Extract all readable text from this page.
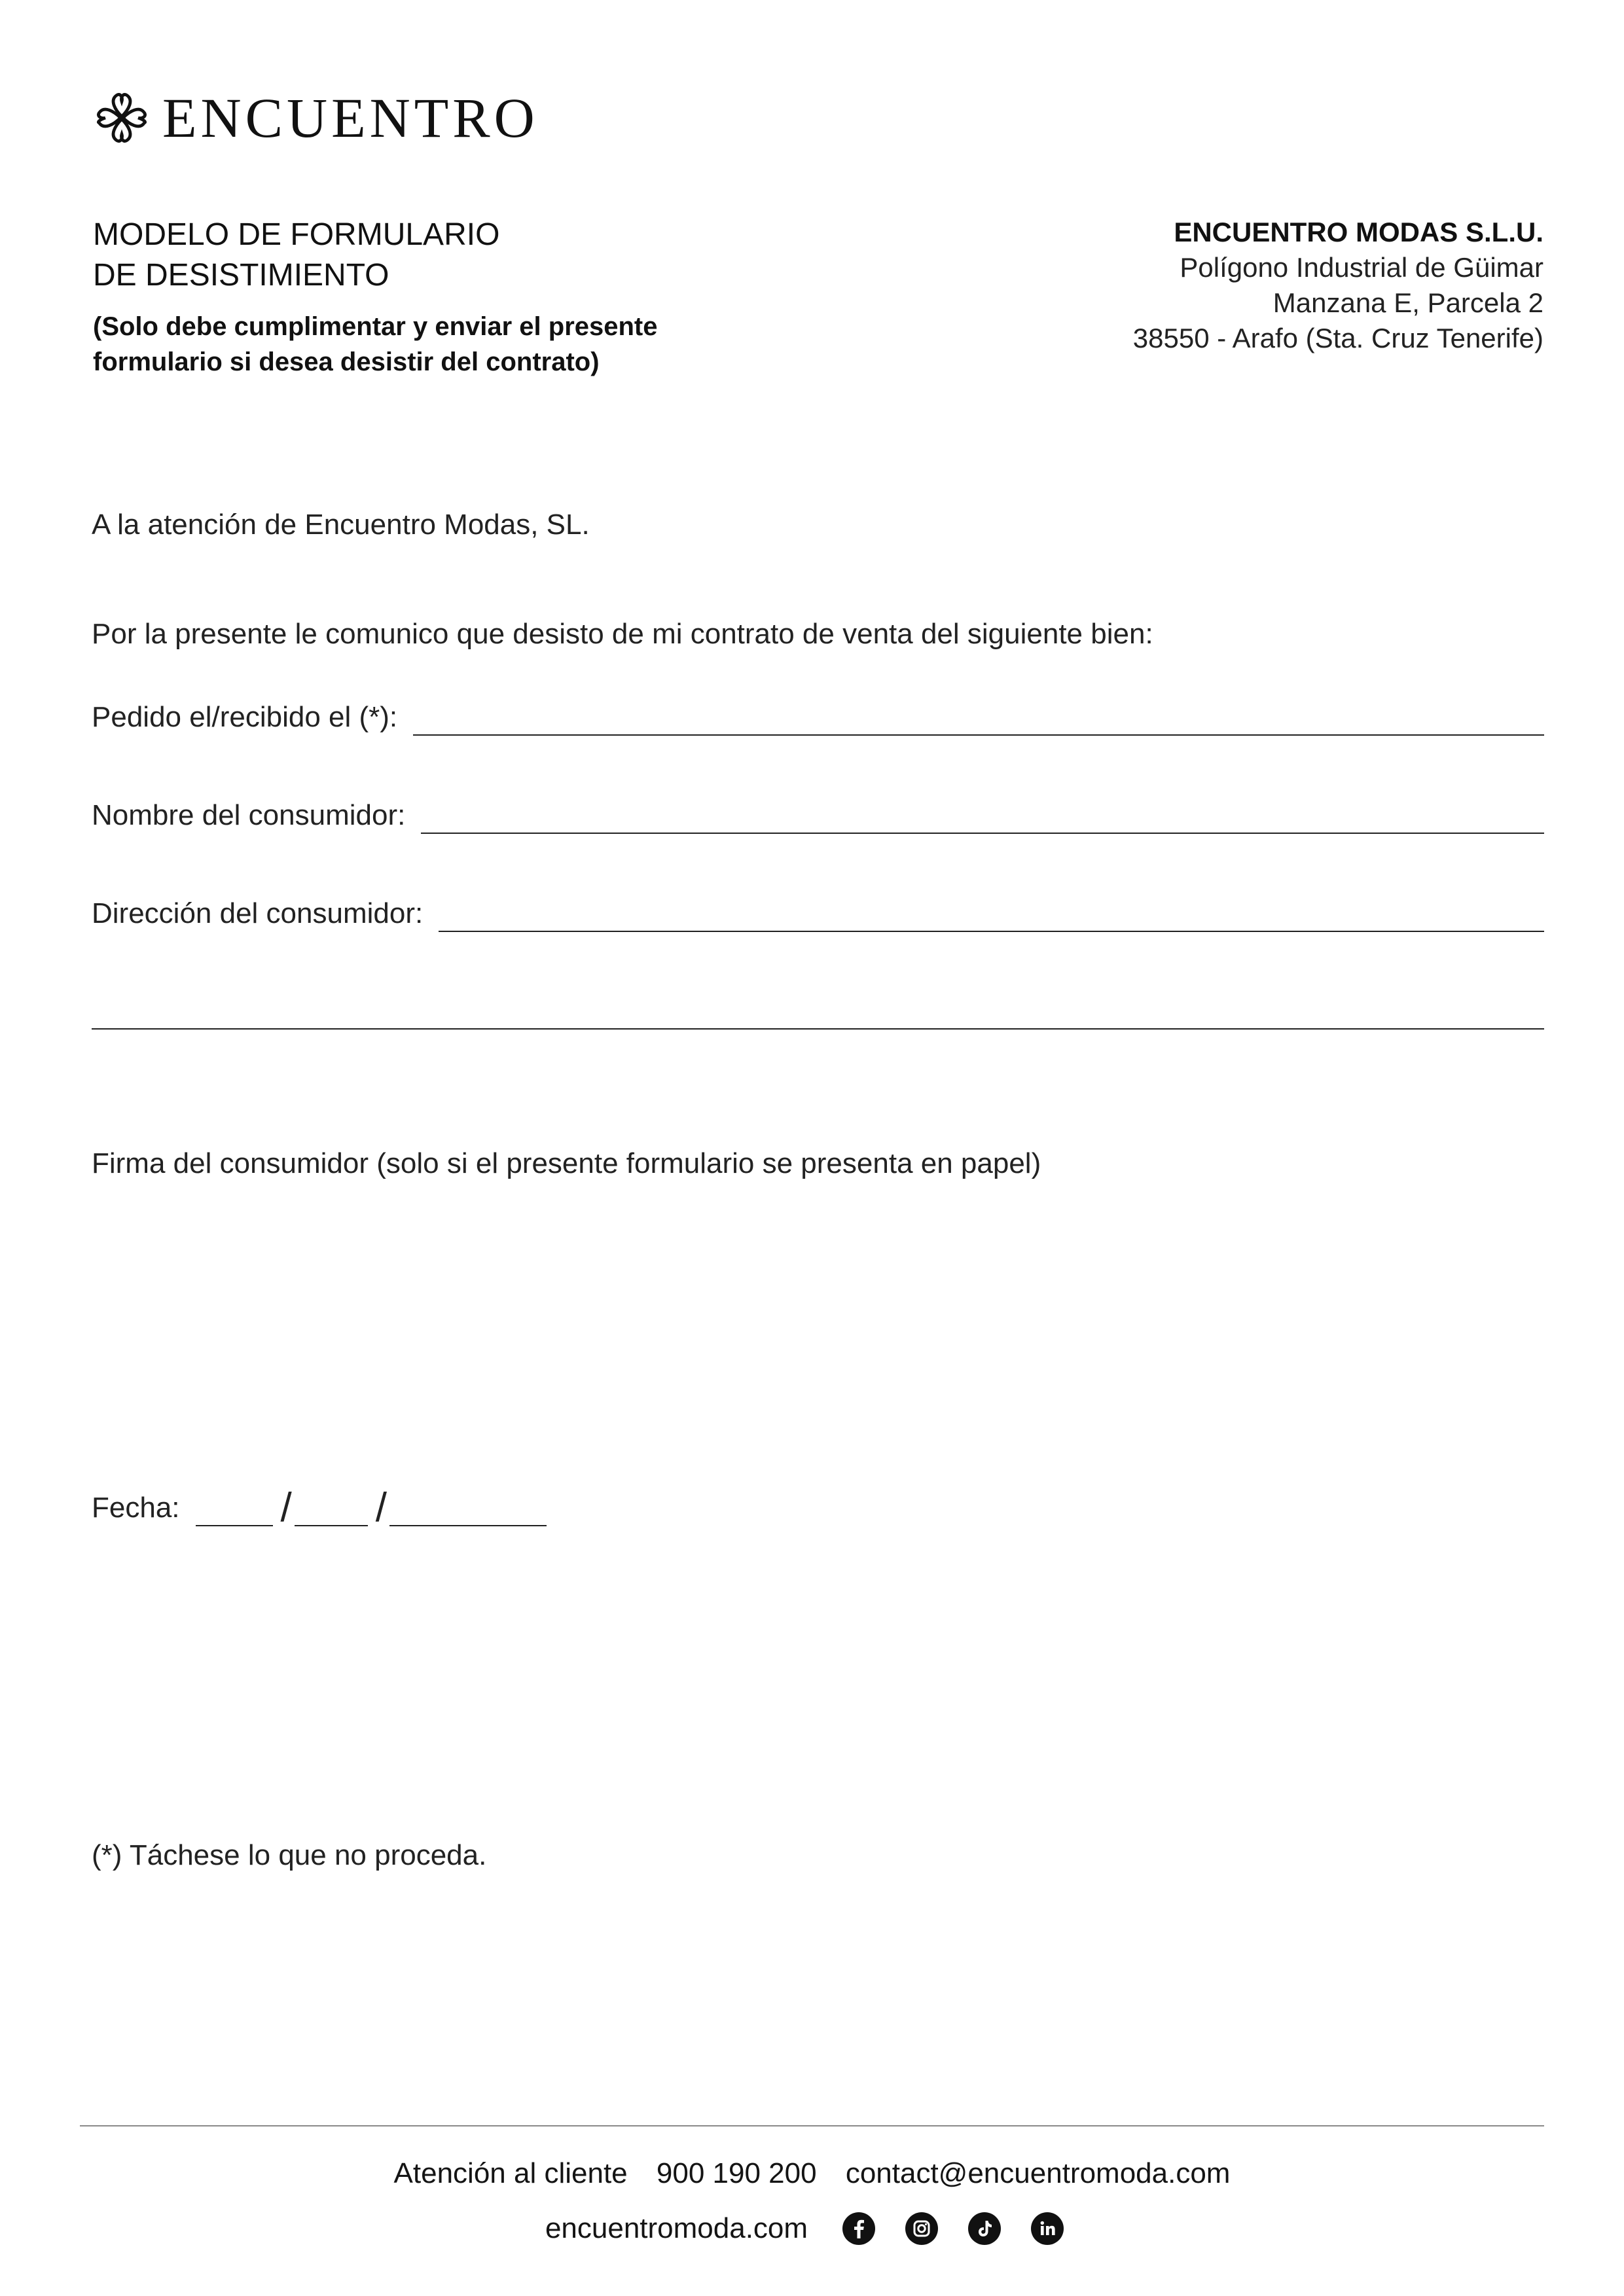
ENCUENTRO
MODELO DE FORMULARIO
DE DESISTIMIENTO
(Solo debe cumplimentar y enviar el presente
formulario si desea desistir del contrato)
ENCUENTRO MODAS S.L.U.
Polígono Industrial de Güimar
Manzana E, Parcela 2
38550 - Arafo (Sta. Cruz Tenerife)
A la atención de Encuentro Modas, SL.
Por la presente le comunico que desisto de mi contrato de venta del siguiente bien:
Pedido el/recibido el (*):
Nombre del consumidor:
Dirección del consumidor:
Firma del consumidor (solo si el presente formulario se presenta en papel)
Fecha: / /
(*) Táchese lo que no proceda.
Atención al cliente 900 190 200 contact@encuentromoda.com
encuentromoda.com
